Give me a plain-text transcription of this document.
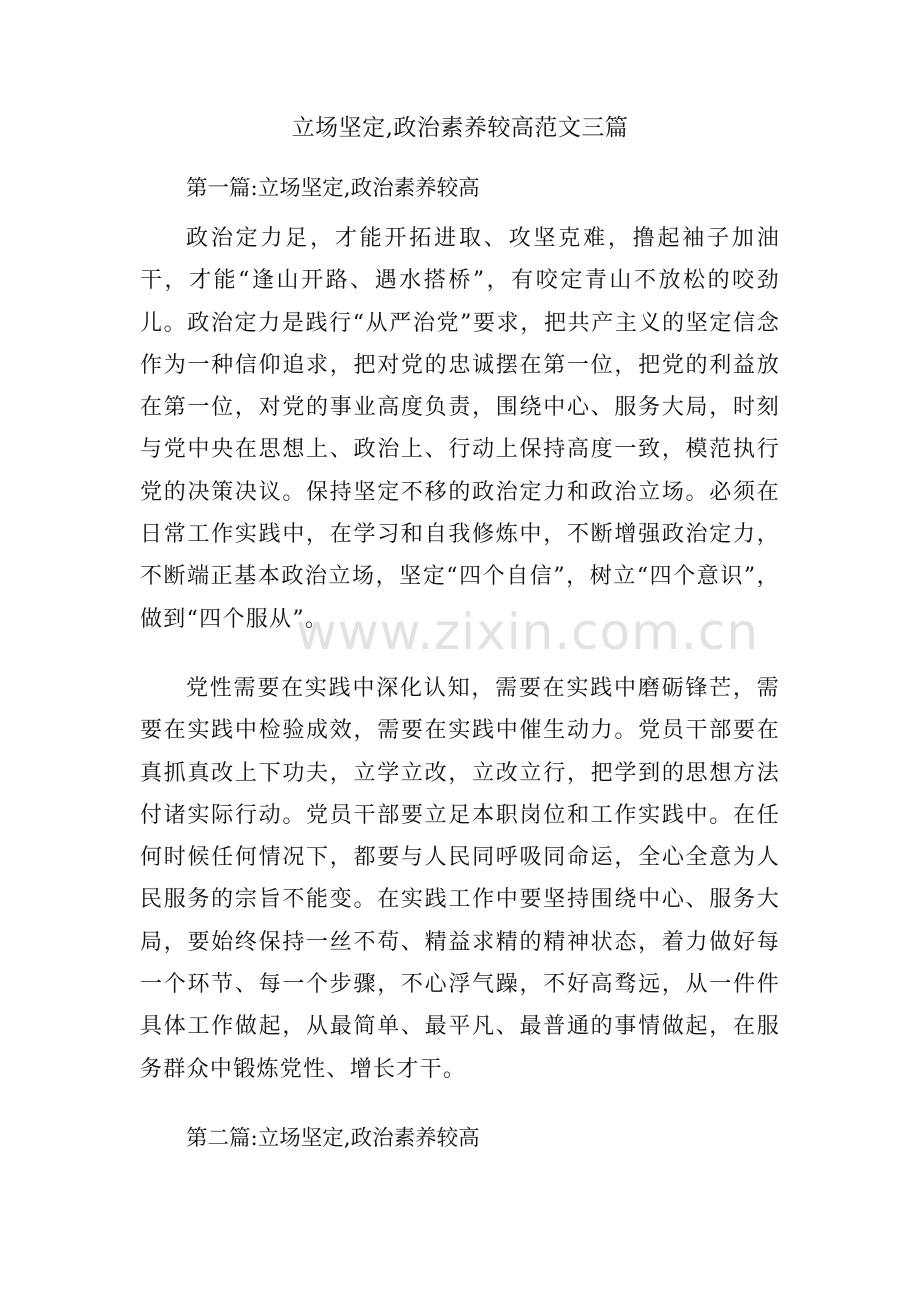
立场坚定,政治素养较高范文三篇
第一篇:立场坚定,政治素养较高

政治定力足，才能开拓进取、攻坚克难，撸起袖子加油干，才能“逢山开路、遇水搭桥”，有咬定青山不放松的咬劲儿。政治定力是践行“从严治党”要求，把共产主义的坚定信念作为一种信仰追求，把对党的忠诚摆在第一位，把党的利益放在第一位，对党的事业高度负责，围绕中心、服务大局，时刻与党中央在思想上、政治上、行动上保持高度一致，模范执行党的决策决议。保持坚定不移的政治定力和政治立场。必须在日常工作实践中，在学习和自我修炼中，不断增强政治定力，不断端正基本政治立场，坚定“四个自信”，树立“四个意识”，做到“四个服从”。

党性需要在实践中深化认知，需要在实践中磨砺锋芒，需要在实践中检验成效，需要在实践中催生动力。党员干部要在真抓真改上下功夫，立学立改，立改立行，把学到的思想方法付诸实际行动。党员干部要立足本职岗位和工作实践中。在任何时候任何情况下，都要与人民同呼吸同命运，全心全意为人民服务的宗旨不能变。在实践工作中要坚持围绕中心、服务大局，要始终保持一丝不苟、精益求精的精神状态，着力做好每一个环节、每一个步骤，不心浮气躁，不好高骛远，从一件件具体工作做起，从最简单、最平凡、最普通的事情做起，在服务群众中锻炼党性、增长才干。

第二篇:立场坚定,政治素养较高
www.zixin.com.cn
